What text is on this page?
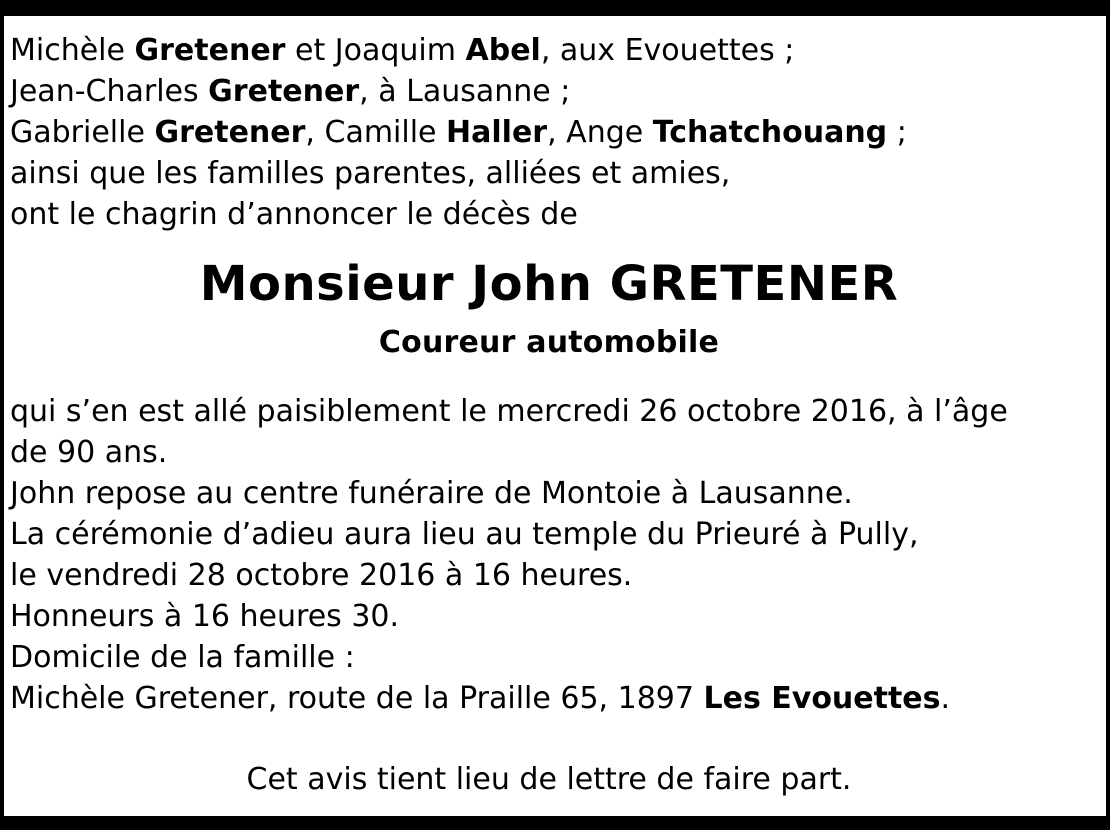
Michèle Gretener et Joaquim Abel, aux Evouettes ;
Jean-Charles Gretener, à Lausanne ;
Gabrielle Gretener, Camille Haller, Ange Tchatchouang ;
ainsi que les familles parentes, alliées et amies,
ont le chagrin d’annoncer le décès de
Monsieur John GRETENER
Coureur automobile
qui s’en est allé paisiblement le mercredi 26 octobre 2016, à l’âge
de 90 ans.
John repose au centre funéraire de Montoie à Lausanne.
La cérémonie d’adieu aura lieu au temple du Prieuré à Pully,
le vendredi 28 octobre 2016 à 16 heures.
Honneurs à 16 heures 30.
Domicile de la famille :
Michèle Gretener, route de la Praille 65, 1897 Les Evouettes.
Cet avis tient lieu de lettre de faire part.
